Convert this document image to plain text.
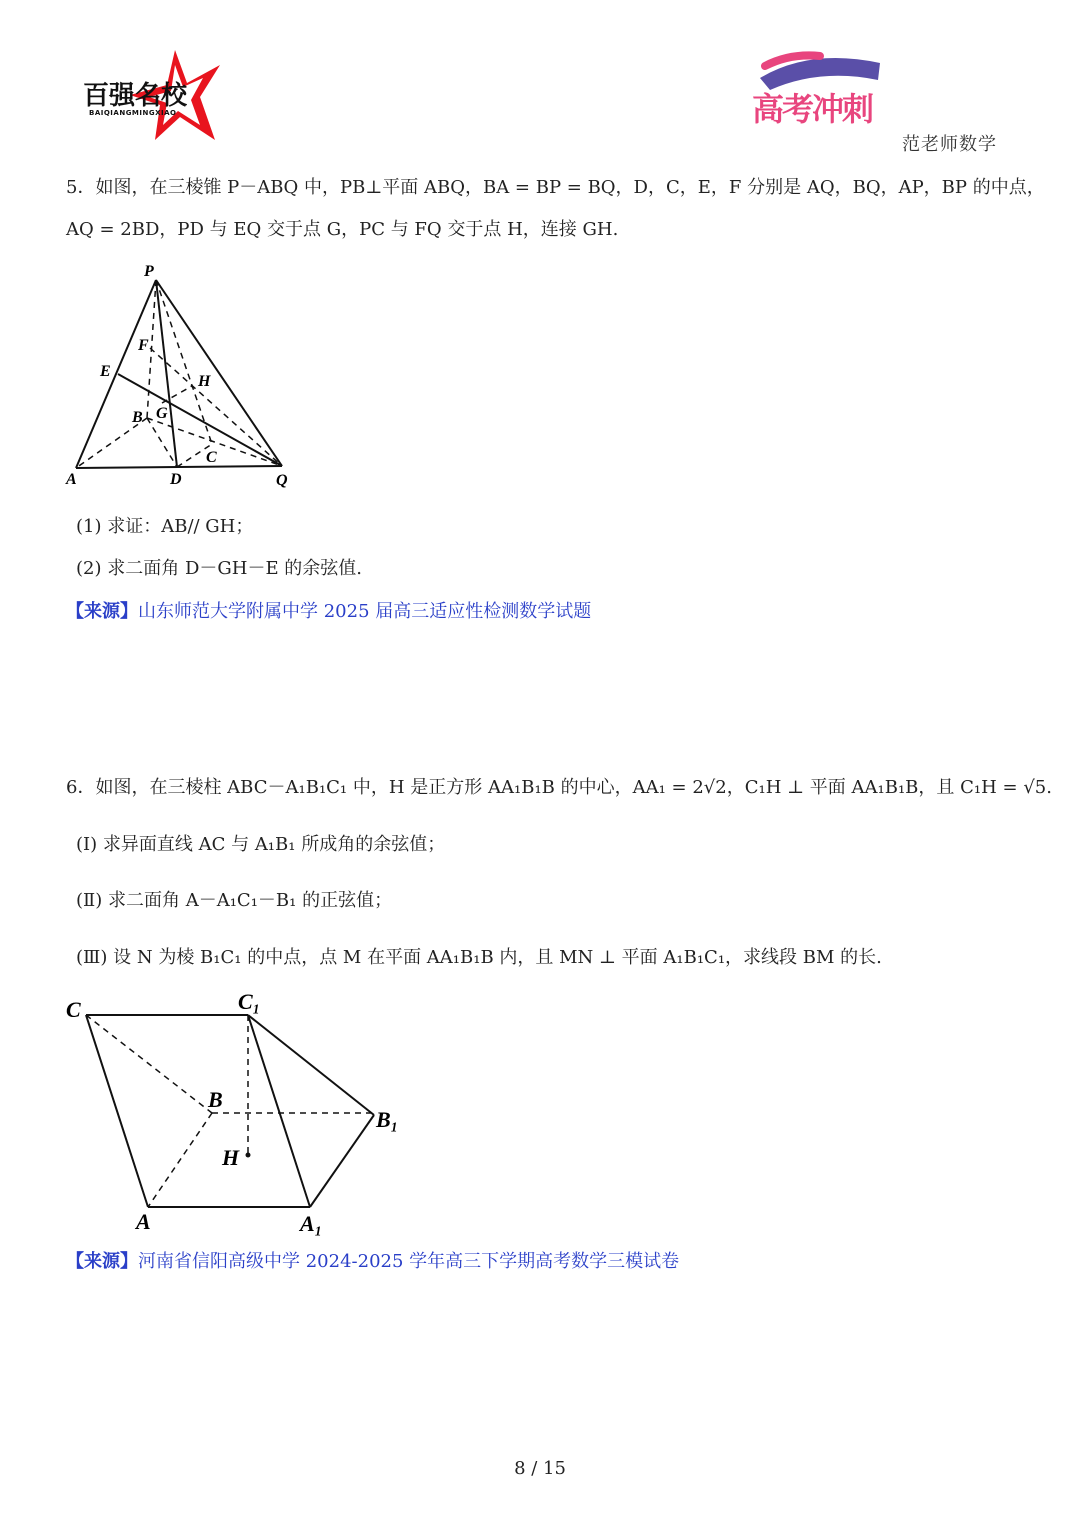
百强名校
BAIQIANGMINGXIAO	高考冲刺
范老师数学
5．如图，在三棱锥 P－ABQ 中，PB⊥平面 ABQ，BA = BP = BQ，D，C，E，F 分别是 AQ，BQ，AP，BP 的中点，
AQ = 2BD，PD 与 EQ 交于点 G，PC 与 FQ 交于点 H，连接 GH.
P
E
F
H
B G
C
A	D	Q
(1) 求证：AB// GH；
(2) 求二面角 D－GH－E 的余弦值.
【来源】山东师范大学附属中学 2025 届高三适应性检测数学试题
6．如图，在三棱柱 ABC－A₁B₁C₁ 中，H 是正方形 AA₁B₁B 的中心，AA₁ = 2√2，C₁H ⊥ 平面 AA₁B₁B，且 C₁H = √5.
(Ⅰ) 求异面直线 AC 与 A₁B₁ 所成角的余弦值；
(Ⅱ) 求二面角 A－A₁C₁－B₁ 的正弦值；
(Ⅲ) 设 N 为棱 B₁C₁ 的中点，点 M 在平面 AA₁B₁B 内，且 MN ⊥ 平面 A₁B₁C₁，求线段 BM 的长.
C	C₁
B
B₁
H
A	A₁
【来源】河南省信阳高级中学 2024-2025 学年高三下学期高考数学三模试卷
8 / 15
